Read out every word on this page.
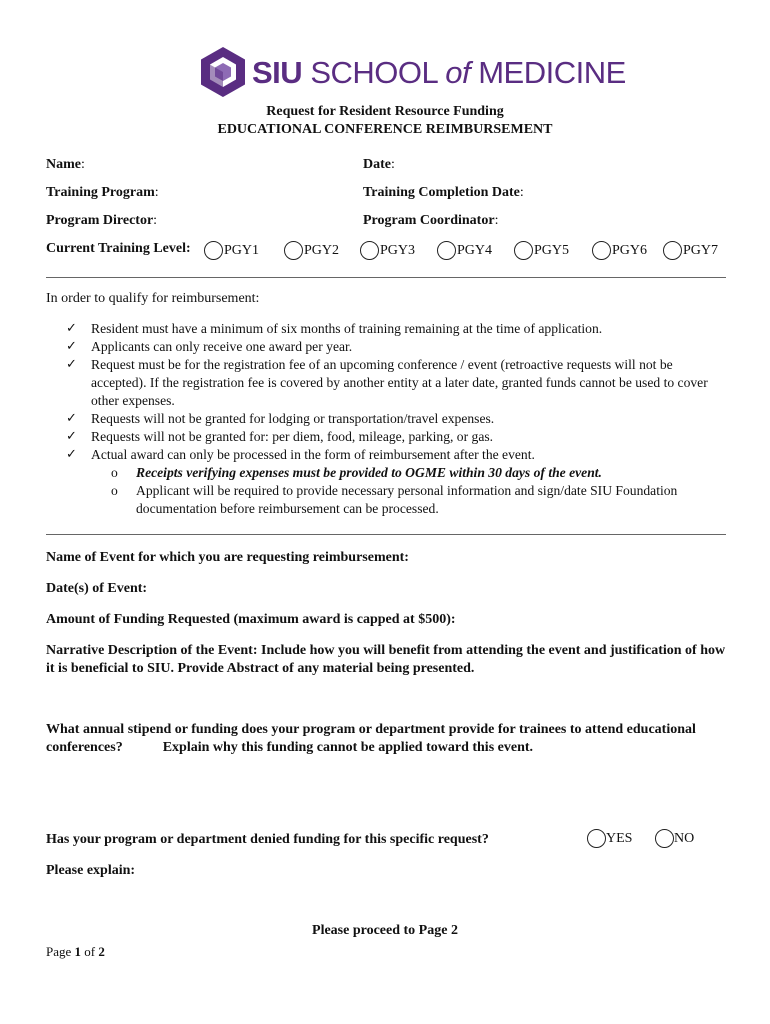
SIU SCHOOL of MEDICINE
Request for Resident Resource Funding
EDUCATIONAL CONFERENCE REIMBURSEMENT
Name:	Date:
Training Program:	Training Completion Date:
Program Director:	Program Coordinator:
Current Training Level: PGY1	PGY2	PGY3	PGY4	PGY5	PGY6	PGY7
In order to qualify for reimbursement:
✓ Resident must have a minimum of six months of training remaining at the time of application.
✓ Applicants can only receive one award per year.
✓ Request must be for the registration fee of an upcoming conference / event (retroactive requests will not be accepted). If the registration fee is covered by another entity at a later date, granted funds cannot be used to cover other expenses.
✓ Requests will not be granted for lodging or transportation/travel expenses.
✓ Requests will not be granted for: per diem, food, mileage, parking, or gas.
✓ Actual award can only be processed in the form of reimbursement after the event.
o Receipts verifying expenses must be provided to OGME within 30 days of the event.
o Applicant will be required to provide necessary personal information and sign/date SIU Foundation documentation before reimbursement can be processed.
Name of Event for which you are requesting reimbursement:
Date(s) of Event:
Amount of Funding Requested (maximum award is capped at $500):
Narrative Description of the Event: Include how you will benefit from attending the event and justification of how it is beneficial to SIU. Provide Abstract of any material being presented.
What annual stipend or funding does your program or department provide for trainees to attend educational conferences?	Explain why this funding cannot be applied toward this event.
Has your program or department denied funding for this specific request?	YES	NO
Please explain:
Please proceed to Page 2
Page 1 of 2
